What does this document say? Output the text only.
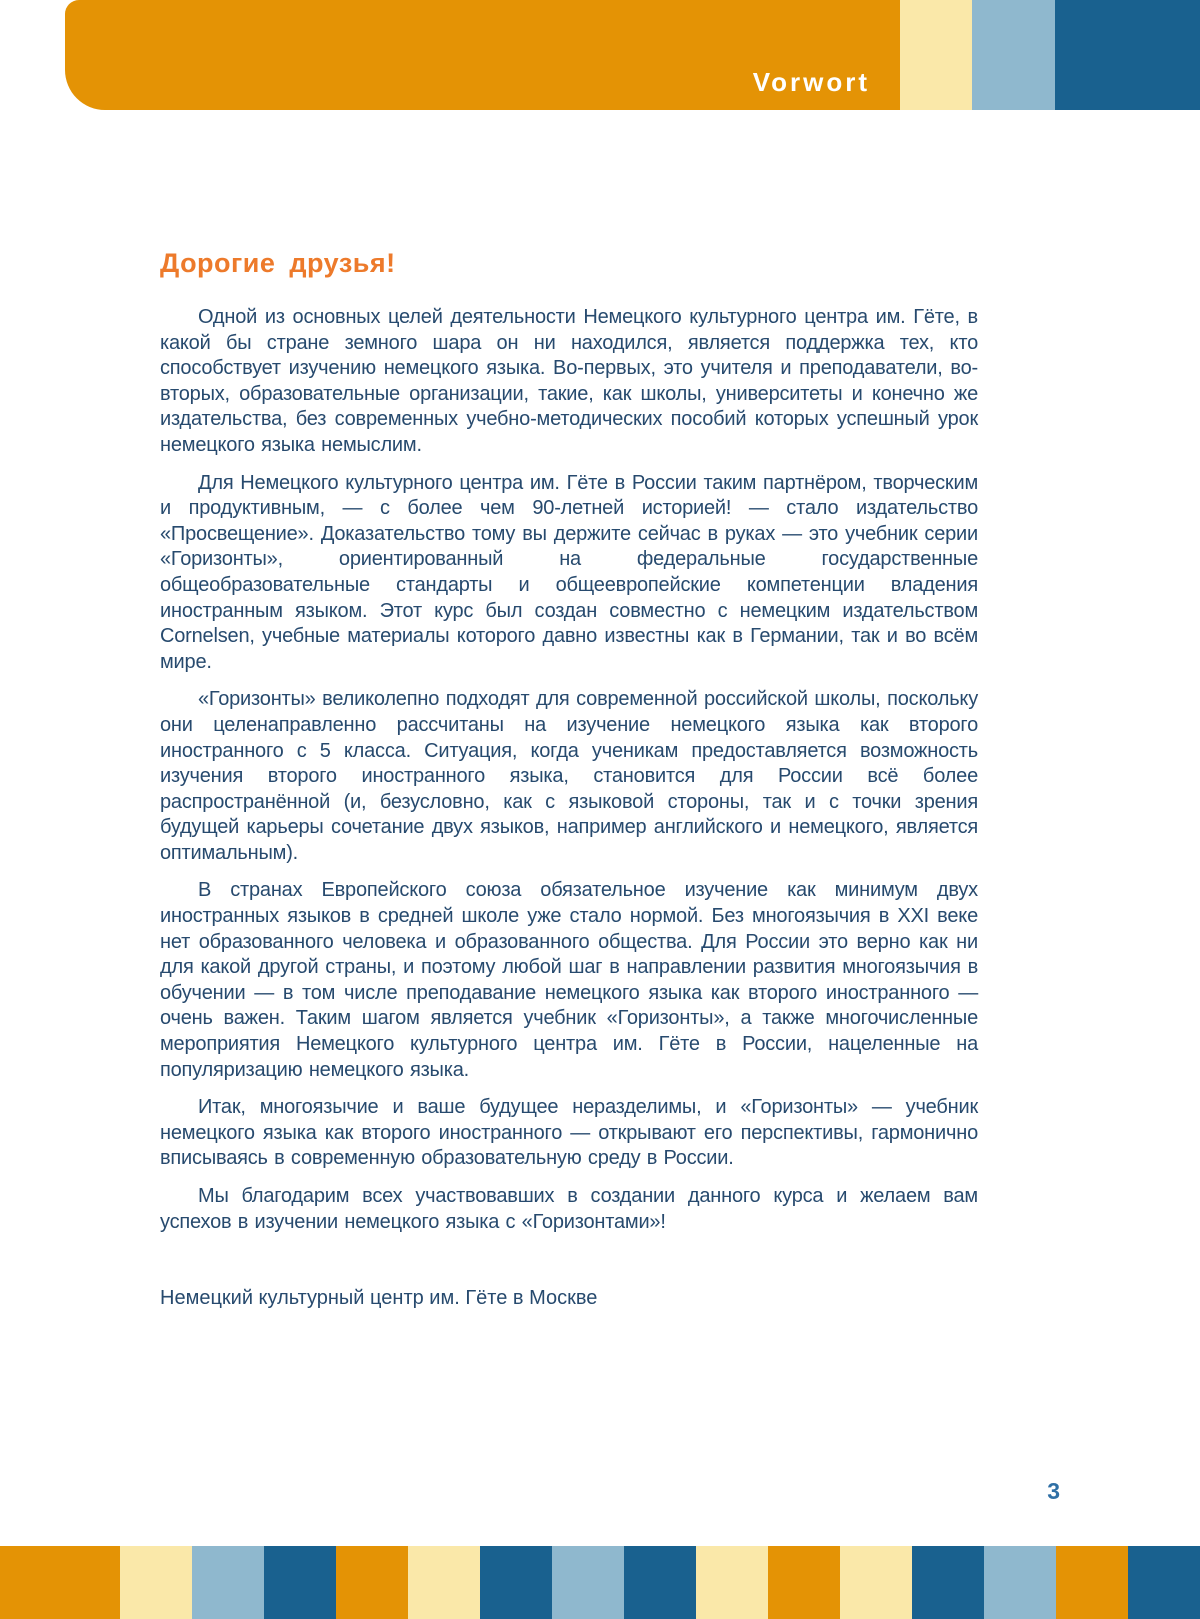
Vorwort
Дорогие друзья!

Одной из основных целей деятельности Немецкого культурного центра им. Гёте, в какой бы стране земного шара он ни находился, является поддержка тех, кто способствует изучению немецкого языка. Во-первых, это учителя и преподаватели, во-вторых, образовательные организации, такие, как школы, университеты и конечно же издательства, без современных учебно-методических пособий которых успешный урок немецкого языка немыслим.

Для Немецкого культурного центра им. Гёте в России таким партнёром, творческим и продуктивным, — с более чем 90-летней историей! — стало издательство «Просвещение». Доказательство тому вы держите сейчас в руках — это учебник серии «Горизонты», ориентированный на федеральные государственные общеобразовательные стандарты и общеевропейские компетенции владения иностранным языком. Этот курс был создан совместно с немецким издательством Cornelsen, учебные материалы которого давно известны как в Германии, так и во всём мире.

«Горизонты» великолепно подходят для современной российской школы, поскольку они целенаправленно рассчитаны на изучение немецкого языка как второго иностранного с 5 класса. Ситуация, когда ученикам предоставляется возможность изучения второго иностранного языка, становится для России всё более распространённой (и, безусловно, как с языковой стороны, так и с точки зрения будущей карьеры сочетание двух языков, например английского и немецкого, является оптимальным).

В странах Европейского союза обязательное изучение как минимум двух иностранных языков в средней школе уже стало нормой. Без многоязычия в XXI веке нет образованного человека и образованного общества. Для России это верно как ни для какой другой страны, и поэтому любой шаг в направлении развития многоязычия в обучении — в том числе преподавание немецкого языка как второго иностранного — очень важен. Таким шагом является учебник «Горизонты», а также многочисленные мероприятия Немецкого культурного центра им. Гёте в России, нацеленные на популяризацию немецкого языка.

Итак, многоязычие и ваше будущее неразделимы, и «Горизонты» — учебник немецкого языка как второго иностранного — открывают его перспективы, гармонично вписываясь в современную образовательную среду в России.

Мы благодарим всех участвовавших в создании данного курса и желаем вам успехов в изучении немецкого языка с «Горизонтами»!

Немецкий культурный центр им. Гёте в Москве

3
